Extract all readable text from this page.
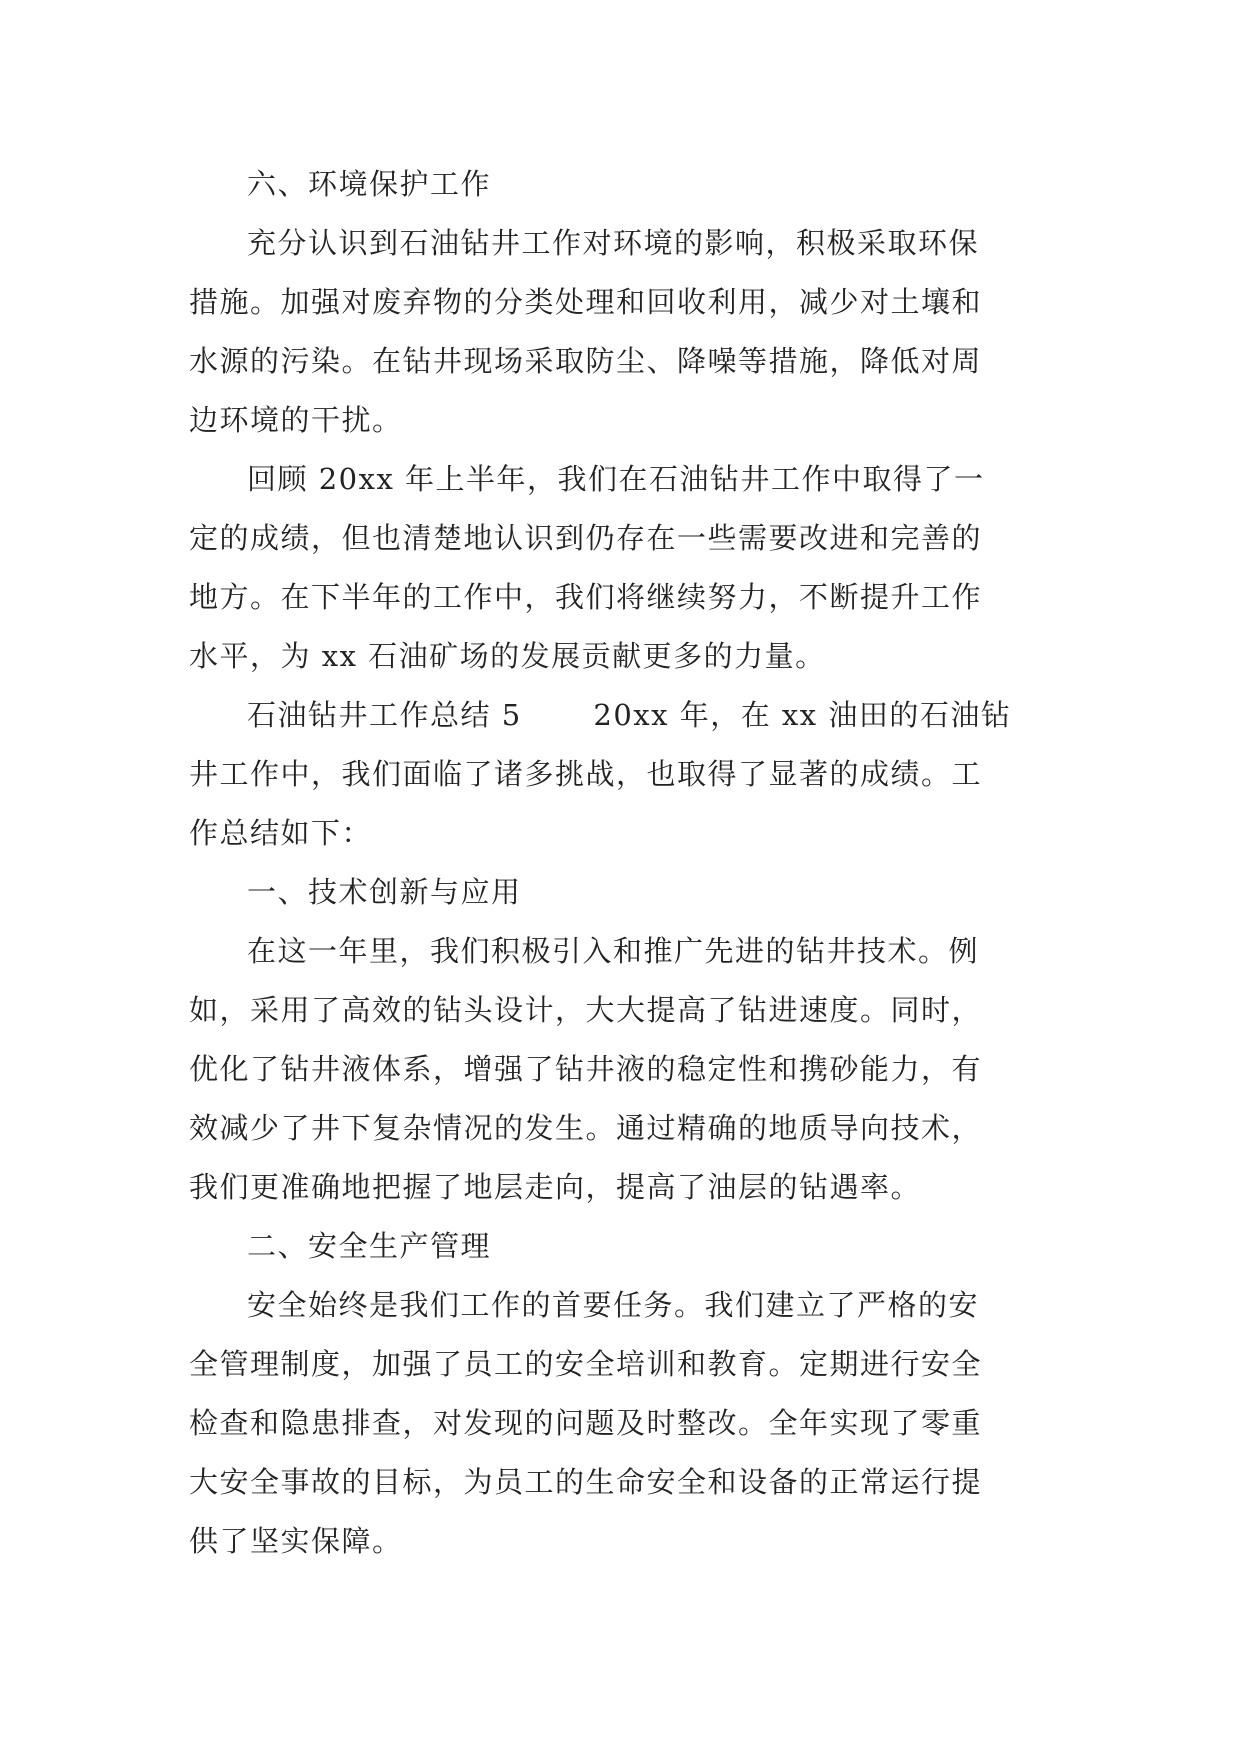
六、环境保护工作

充分认识到石油钻井工作对环境的影响，积极采取环保
措施。加强对废弃物的分类处理和回收利用，减少对土壤和
水源的污染。在钻井现场采取防尘、降噪等措施，降低对周
边环境的干扰。

回顾 20xx 年上半年，我们在石油钻井工作中取得了一
定的成绩，但也清楚地认识到仍存在一些需要改进和完善的
地方。在下半年的工作中，我们将继续努力，不断提升工作
水平，为 xx 石油矿场的发展贡献更多的力量。

石油钻井工作总结 5　　 20xx 年，在 xx 油田的石油钻
井工作中，我们面临了诸多挑战，也取得了显著的成绩。工
作总结如下：

一、技术创新与应用

在这一年里，我们积极引入和推广先进的钻井技术。例
如，采用了高效的钻头设计，大大提高了钻进速度。同时，
优化了钻井液体系，增强了钻井液的稳定性和携砂能力，有
效减少了井下复杂情况的发生。通过精确的地质导向技术，
我们更准确地把握了地层走向，提高了油层的钻遇率。

二、安全生产管理

安全始终是我们工作的首要任务。我们建立了严格的安
全管理制度，加强了员工的安全培训和教育。定期进行安全
检查和隐患排查，对发现的问题及时整改。全年实现了零重
大安全事故的目标，为员工的生命安全和设备的正常运行提
供了坚实保障。
